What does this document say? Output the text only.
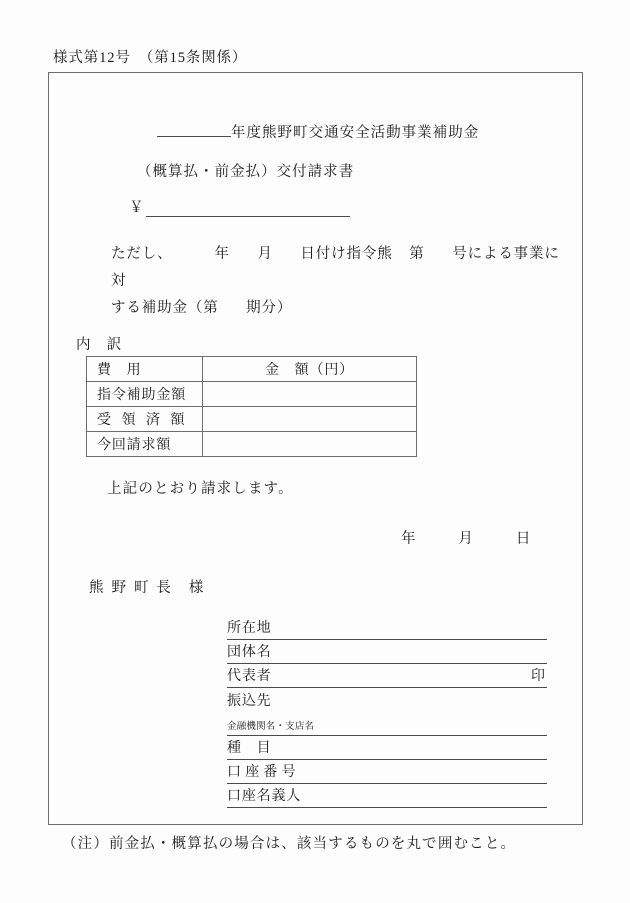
様式第12号　（第15条関係）
年度熊野町交通安全活動事業補助金
（概算払・前金払）交付請求書
￥
ただし、	年 月 日付け指令熊 第 号による事業に対
する補助金（第 期分）
内　訳
費　用	金　額（円）
指令補助金額	
受領済額	
今回請求額	
上記のとおり請求します。
年	月	日
熊野町長 様
所在地
団体名
代表者	印
振込先
金融機関名・支店名
種　目
口座番号
口座名義人
（注）前金払・概算払の場合は、該当するものを丸で囲むこと。
